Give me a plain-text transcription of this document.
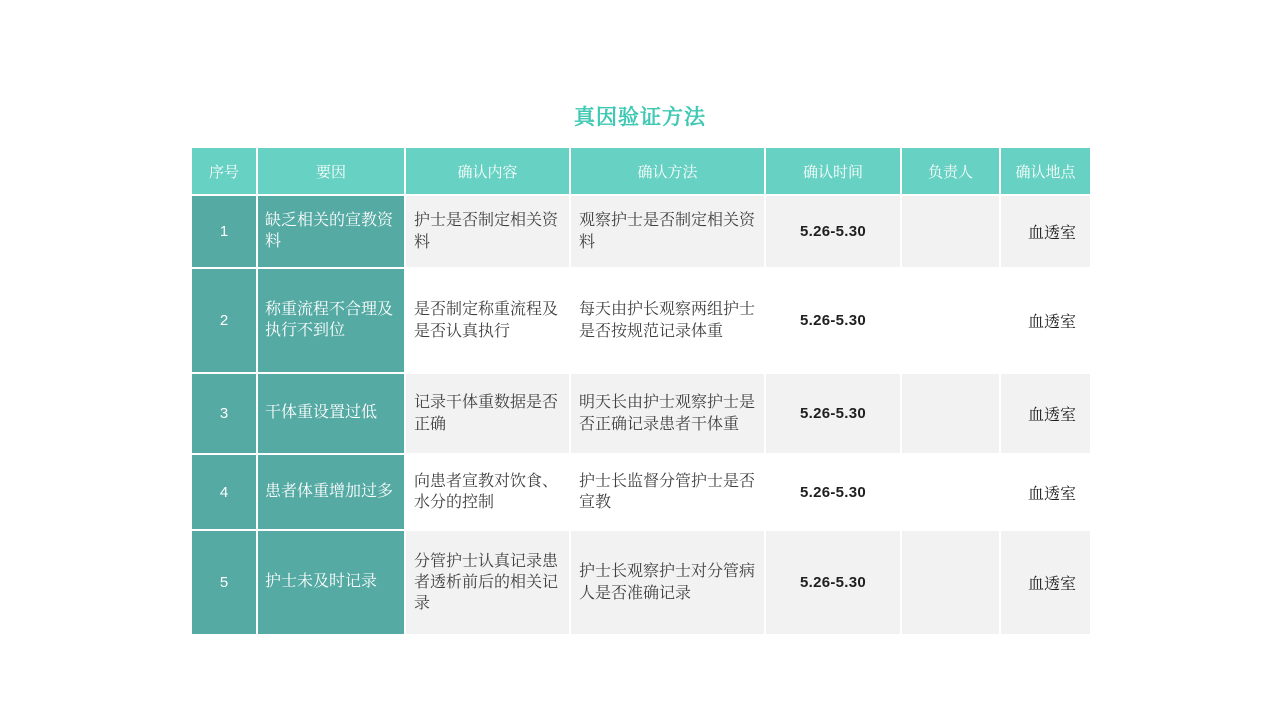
真因验证方法
序号	要因	确认内容	确认方法	确认时间	负责人	确认地点
1	缺乏相关的宣教资料	护士是否制定相关资料	观察护士是否制定相关资料	5.26-5.30		血透室
2	称重流程不合理及执行不到位	是否制定称重流程及是否认真执行	每天由护长观察两组护士是否按规范记录体重	5.26-5.30		血透室
3	干体重设置过低	记录干体重数据是否正确	明天长由护士观察护士是否正确记录患者干体重	5.26-5.30		血透室
4	患者体重增加过多	向患者宣教对饮食、水分的控制	护士长监督分管护士是否宣教	5.26-5.30		血透室
5	护士未及时记录	分管护士认真记录患者透析前后的相关记录	护士长观察护士对分管病人是否准确记录	5.26-5.30		血透室
